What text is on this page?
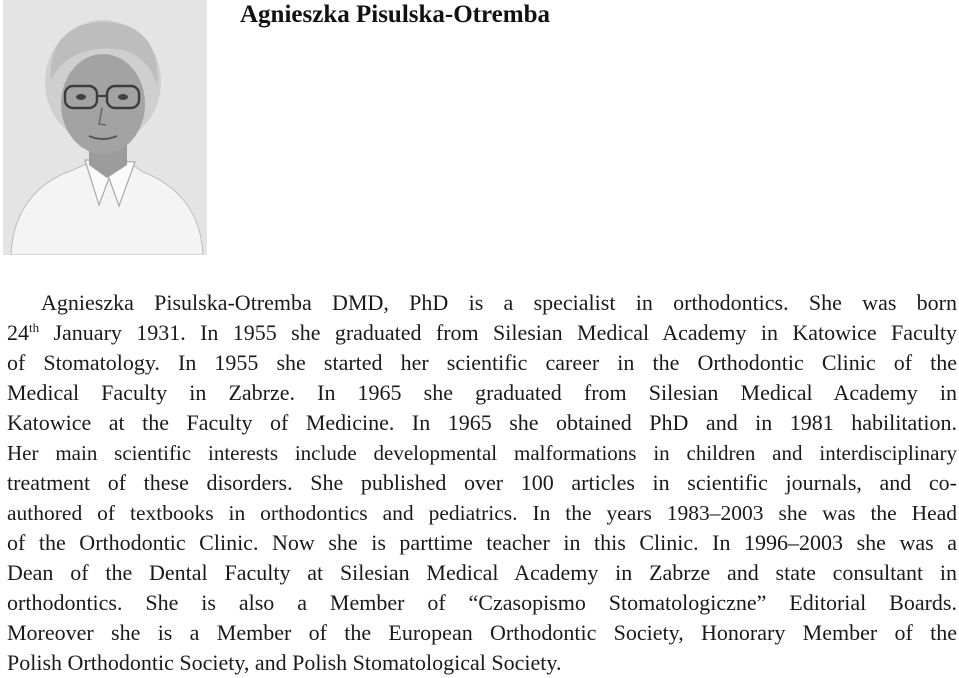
Agnieszka Pisulska-Otremba
Agnieszka Pisulska-Otremba DMD, PhD is a specialist in orthodontics. She was born
24th January 1931. In 1955 she graduated from Silesian Medical Academy in Katowice Faculty
of Stomatology. In 1955 she started her scientific career in the Orthodontic Clinic of the
Medical Faculty in Zabrze. In 1965 she graduated from Silesian Medical Academy in
Katowice at the Faculty of Medicine. In 1965 she obtained PhD and in 1981 habilitation.
Her main scientific interests include developmental malformations in children and interdisciplinary
treatment of these disorders. She published over 100 articles in scientific journals, and co-
authored of textbooks in orthodontics and pediatrics. In the years 1983–2003 she was the Head
of the Orthodontic Clinic. Now she is parttime teacher in this Clinic. In 1996–2003 she was a
Dean of the Dental Faculty at Silesian Medical Academy in Zabrze and state consultant in
orthodontics. She is also a Member of “Czasopismo Stomatologiczne” Editorial Boards.
Moreover she is a Member of the European Orthodontic Society, Honorary Member of the
Polish Orthodontic Society, and Polish Stomatological Society.
